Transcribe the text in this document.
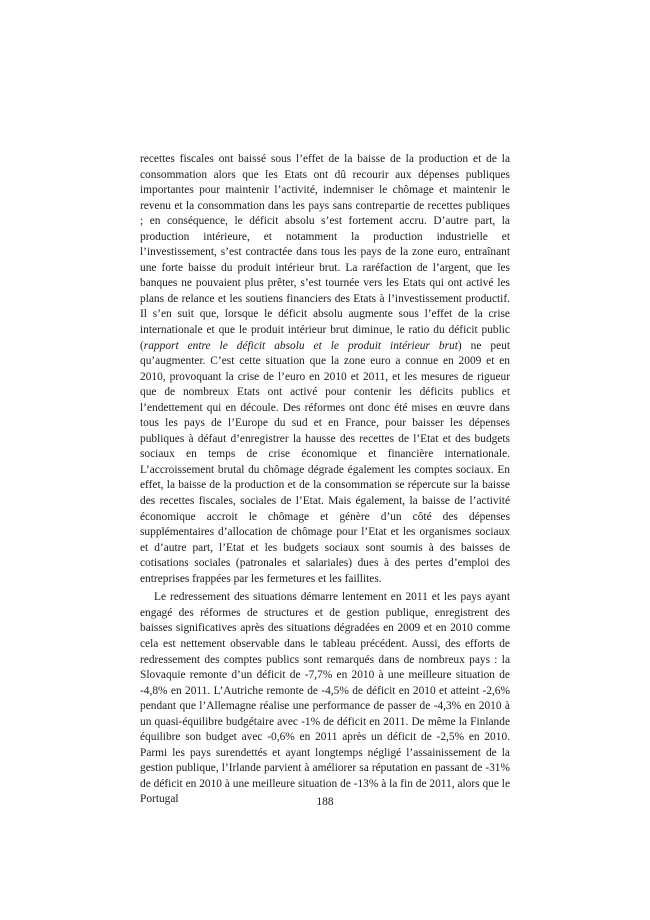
recettes fiscales ont baissé sous l’effet de la baisse de la production et de la consommation alors que les Etats ont dû recourir aux dépenses publiques importantes pour maintenir l’activité, indemniser le chômage et maintenir le revenu et la consommation dans les pays sans contrepartie de recettes publiques ; en conséquence, le déficit absolu s’est fortement accru. D’autre part, la production intérieure, et notamment la production industrielle et l’investissement, s’est contractée dans tous les pays de la zone euro, entraînant une forte baisse du produit intérieur brut. La raréfaction de l’argent, que les banques ne pouvaient plus prêter, s’est tournée vers les Etats qui ont activé les plans de relance et les soutiens financiers des Etats à l’investissement productif. Il s’en suit que, lorsque le déficit absolu augmente sous l’effet de la crise internationale et que le produit intérieur brut diminue, le ratio du déficit public (rapport entre le déficit absolu et le produit intérieur brut) ne peut qu’augmenter. C’est cette situation que la zone euro a connue en 2009 et en 2010, provoquant la crise de l’euro en 2010 et 2011, et les mesures de rigueur que de nombreux Etats ont activé pour contenir les déficits publics et l’endettement qui en découle. Des réformes ont donc été mises en œuvre dans tous les pays de l’Europe du sud et en France, pour baisser les dépenses publiques à défaut d’enregistrer la hausse des recettes de l’Etat et des budgets sociaux en temps de crise économique et financière internationale. L’accroissement brutal du chômage dégrade également les comptes sociaux. En effet, la baisse de la production et de la consommation se répercute sur la baisse des recettes fiscales, sociales de l’Etat. Mais également, la baisse de l’activité économique accroit le chômage et génère d’un côté des dépenses supplémentaires d’allocation de chômage pour l’Etat et les organismes sociaux et d’autre part, l’Etat et les budgets sociaux sont soumis à des baisses de cotisations sociales (patronales et salariales) dues à des pertes d’emploi des entreprises frappées par les fermetures et les faillites.

Le redressement des situations démarre lentement en 2011 et les pays ayant engagé des réformes de structures et de gestion publique, enregistrent des baisses significatives après des situations dégradées en 2009 et en 2010 comme cela est nettement observable dans le tableau précédent. Aussi, des efforts de redressement des comptes publics sont remarqués dans de nombreux pays : la Slovaquie remonte d’un déficit de -7,7% en 2010 à une meilleure situation de -4,8% en 2011. L’Autriche remonte de -4,5% de déficit en 2010 et atteint -2,6% pendant que l’Allemagne réalise une performance de passer de -4,3% en 2010 à un quasi-équilibre budgétaire avec -1% de déficit en 2011. De même la Finlande équilibre son budget avec -0,6% en 2011 après un déficit de -2,5% en 2010. Parmi les pays surendettés et ayant longtemps négligé l’assainissement de la gestion publique, l’Irlande parvient à améliorer sa réputation en passant de -31% de déficit en 2010 à une meilleure situation de -13% à la fin de 2011, alors que le Portugal	188
